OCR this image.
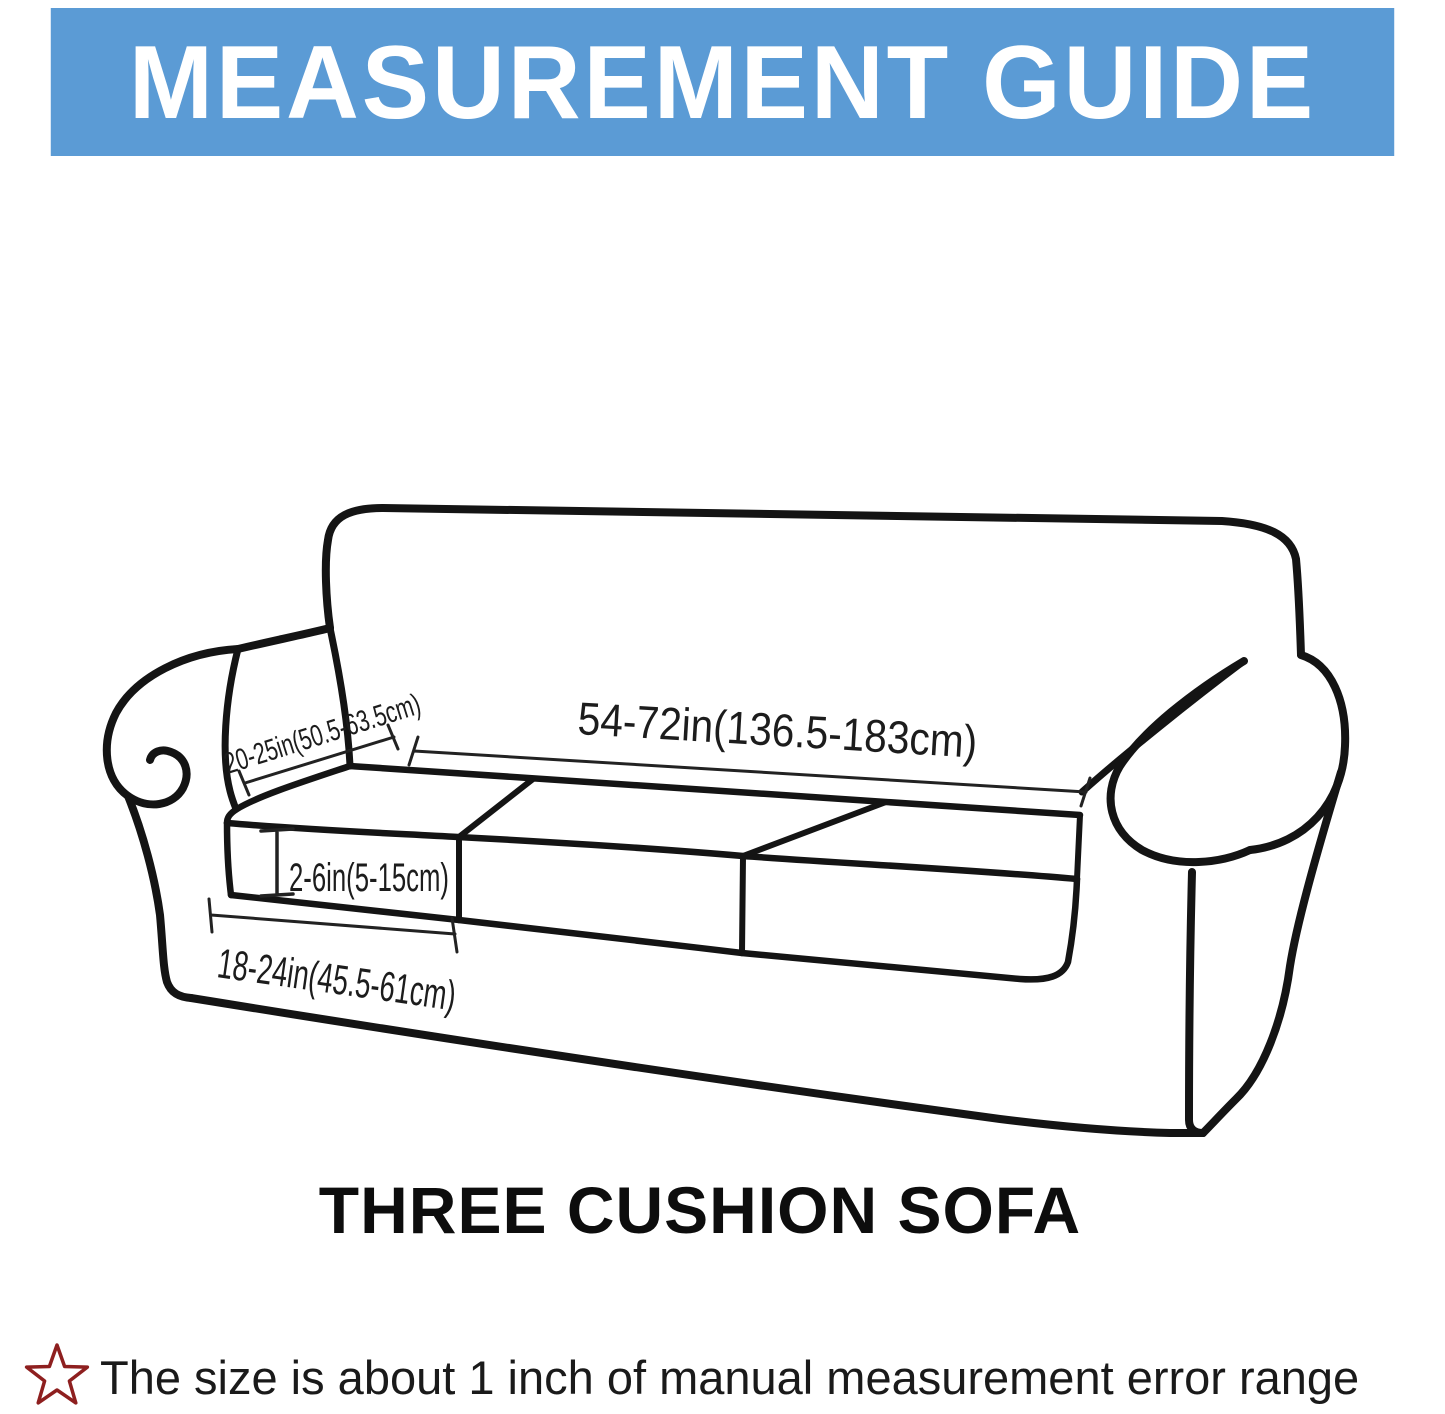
MEASUREMENT GUIDE
20-25in(50.5-63.5cm) 54-72in(136.5-183cm)
2-6in(5-15cm)
18-24in(45.5-61cm)
THREE CUSHION SOFA
The size is about 1 inch of manual measurement error range
